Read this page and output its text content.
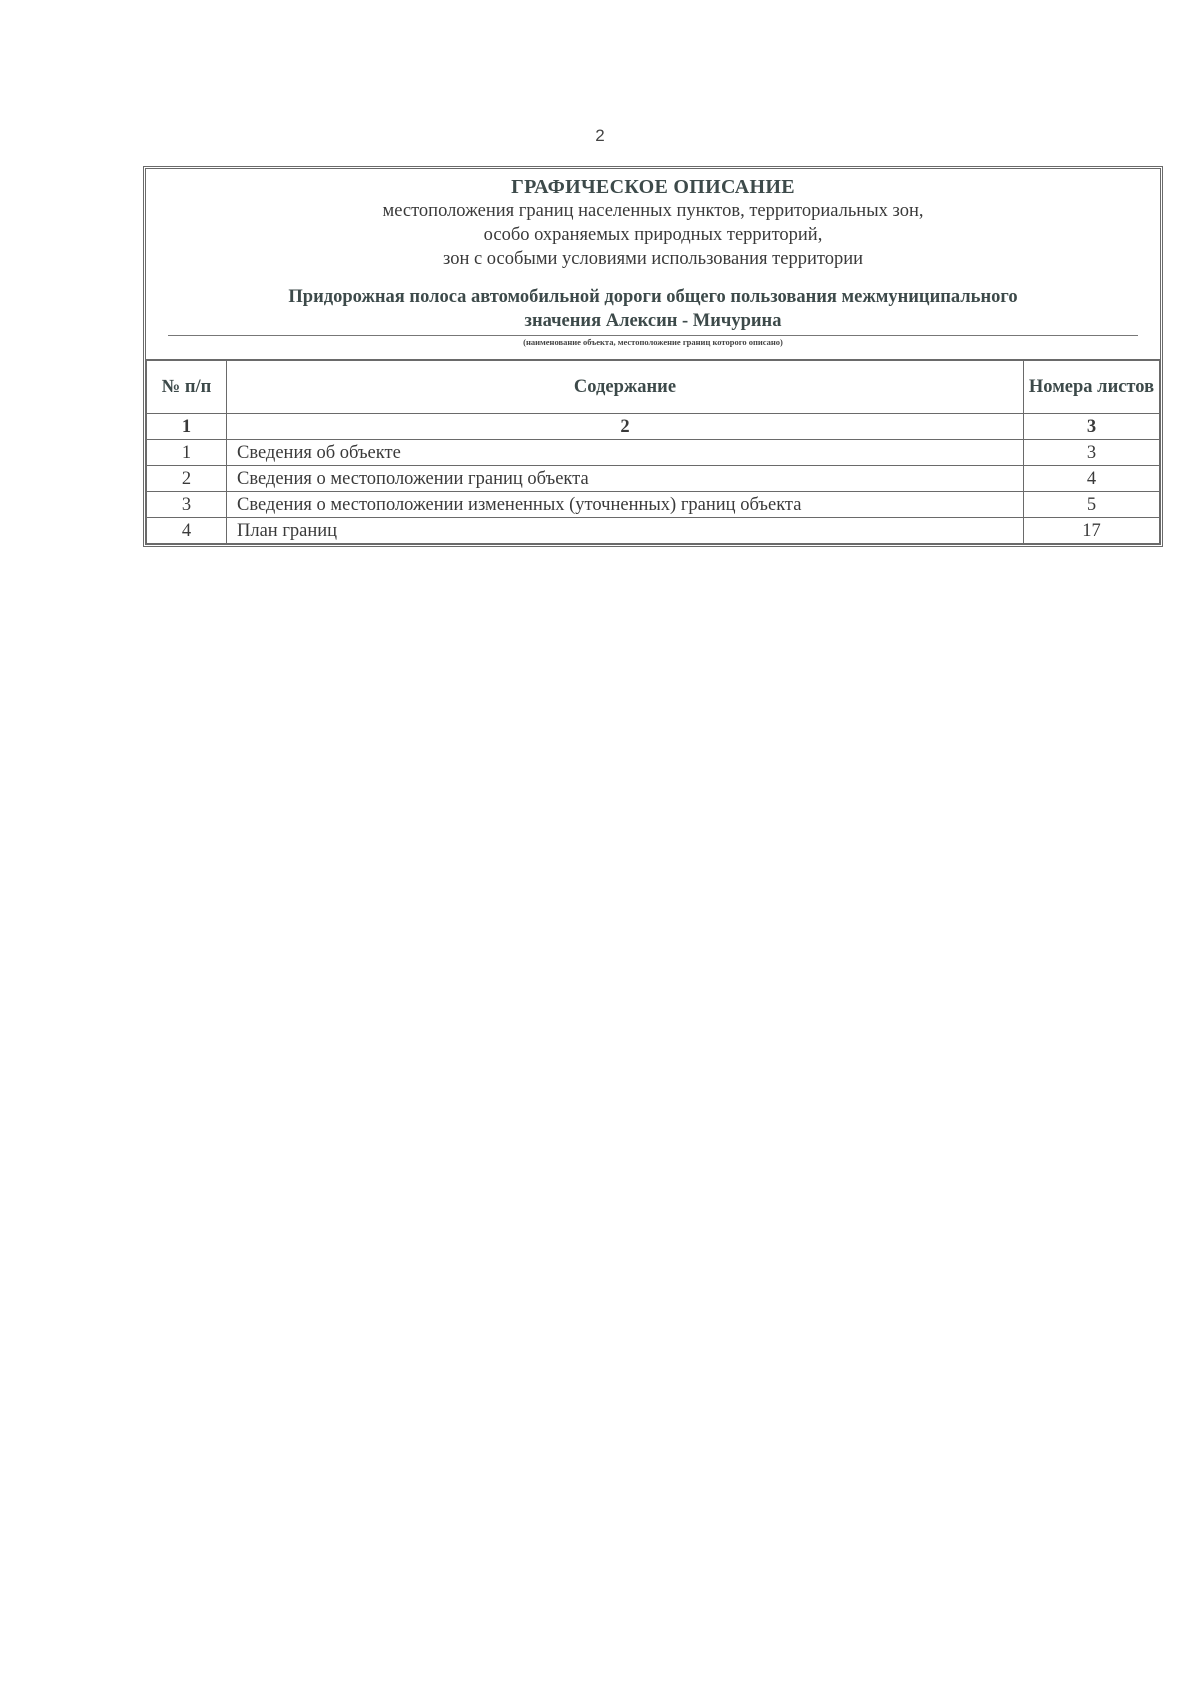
2
ГРАФИЧЕСКОЕ ОПИСАНИЕ
местоположения границ населенных пунктов, территориальных зон,
особо охраняемых природных территорий,
зон с особыми условиями использования территории
Придорожная полоса автомобильной дороги общего пользования межмуниципального
значения Алексин - Мичурина
(наименование объекта, местоположение границ которого описано)
№ п/п	Содержание	Номера листов
1	2	3
1	Сведения об объекте	3
2	Сведения о местоположении границ объекта	4
3	Сведения о местоположении измененных (уточненных) границ объекта	5
4	План границ	17
